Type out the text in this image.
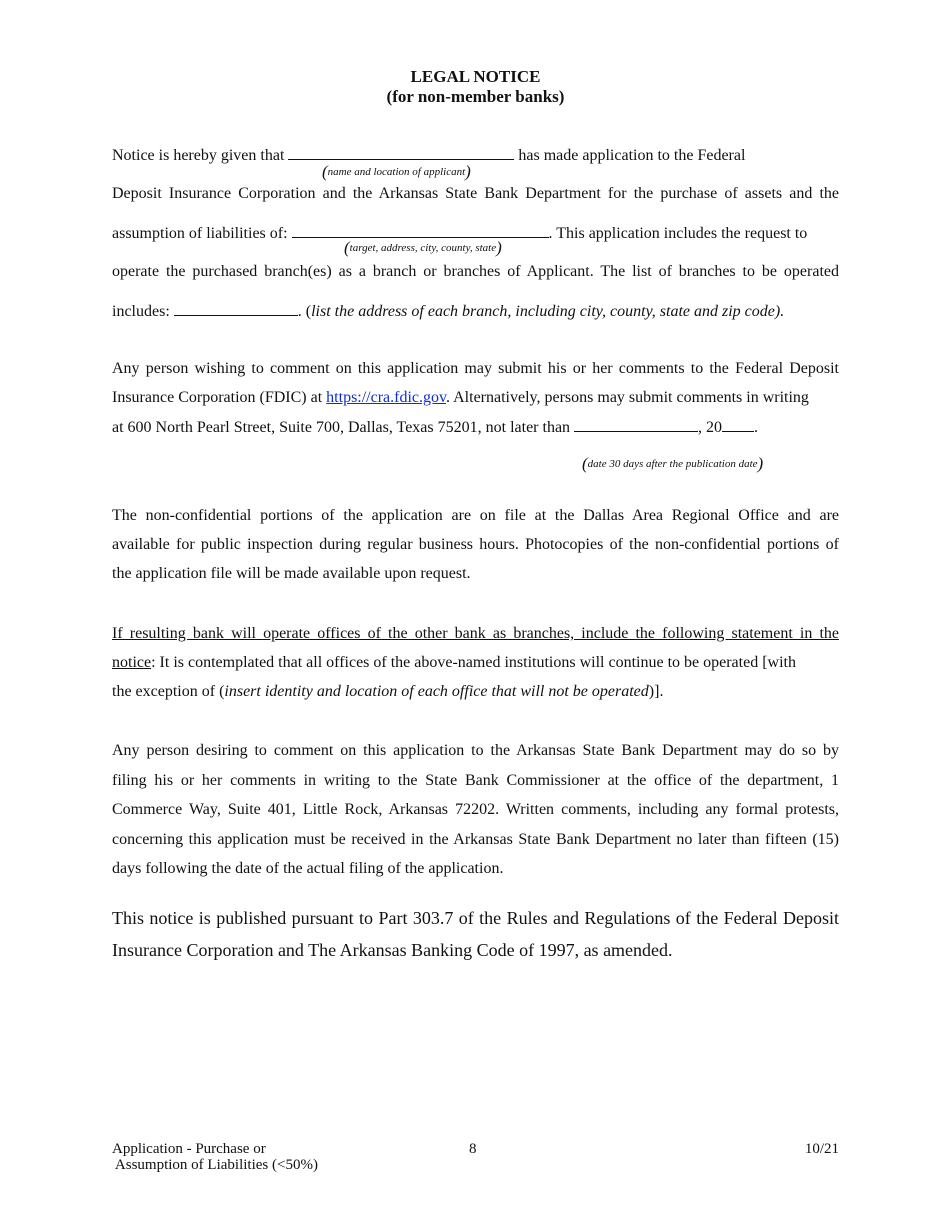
LEGAL NOTICE
(for non-member banks)
Notice is hereby given that	has made application to the Federal
(name and location of applicant)
Deposit Insurance Corporation and the Arkansas State Bank Department for the purchase of assets and the
assumption of liabilities of:	. This application includes the request to
(target, address, city, county, state)
operate the purchased branch(es) as a branch or branches of Applicant. The list of branches to be operated
includes:	. (list the address of each branch, including city, county, state and zip code).
Any person wishing to comment on this application may submit his or her comments to the Federal Deposit
Insurance Corporation (FDIC) at https://cra.fdic.gov. Alternatively, persons may submit comments in writing
at 600 North Pearl Street, Suite 700, Dallas, Texas 75201, not later than	, 20 .
(date 30 days after the publication date)
The non-confidential portions of the application are on file at the Dallas Area Regional Office and are
available for public inspection during regular business hours. Photocopies of the non-confidential portions of
the application file will be made available upon request.
If resulting bank will operate offices of the other bank as branches, include the following statement in the
notice: It is contemplated that all offices of the above-named institutions will continue to be operated [with
the exception of (insert identity and location of each office that will not be operated)].
Any person desiring to comment on this application to the Arkansas State Bank Department may do so by
filing his or her comments in writing to the State Bank Commissioner at the office of the department, 1
Commerce Way, Suite 401, Little Rock, Arkansas 72202. Written comments, including any formal protests,
concerning this application must be received in the Arkansas State Bank Department no later than fifteen (15)
days following the date of the actual filing of the application.
This notice is published pursuant to Part 303.7 of the Rules and Regulations of the Federal Deposit
Insurance Corporation and The Arkansas Banking Code of 1997, as amended.
Application - Purchase or
Assumption of Liabilities (<50%)
8	10/21
